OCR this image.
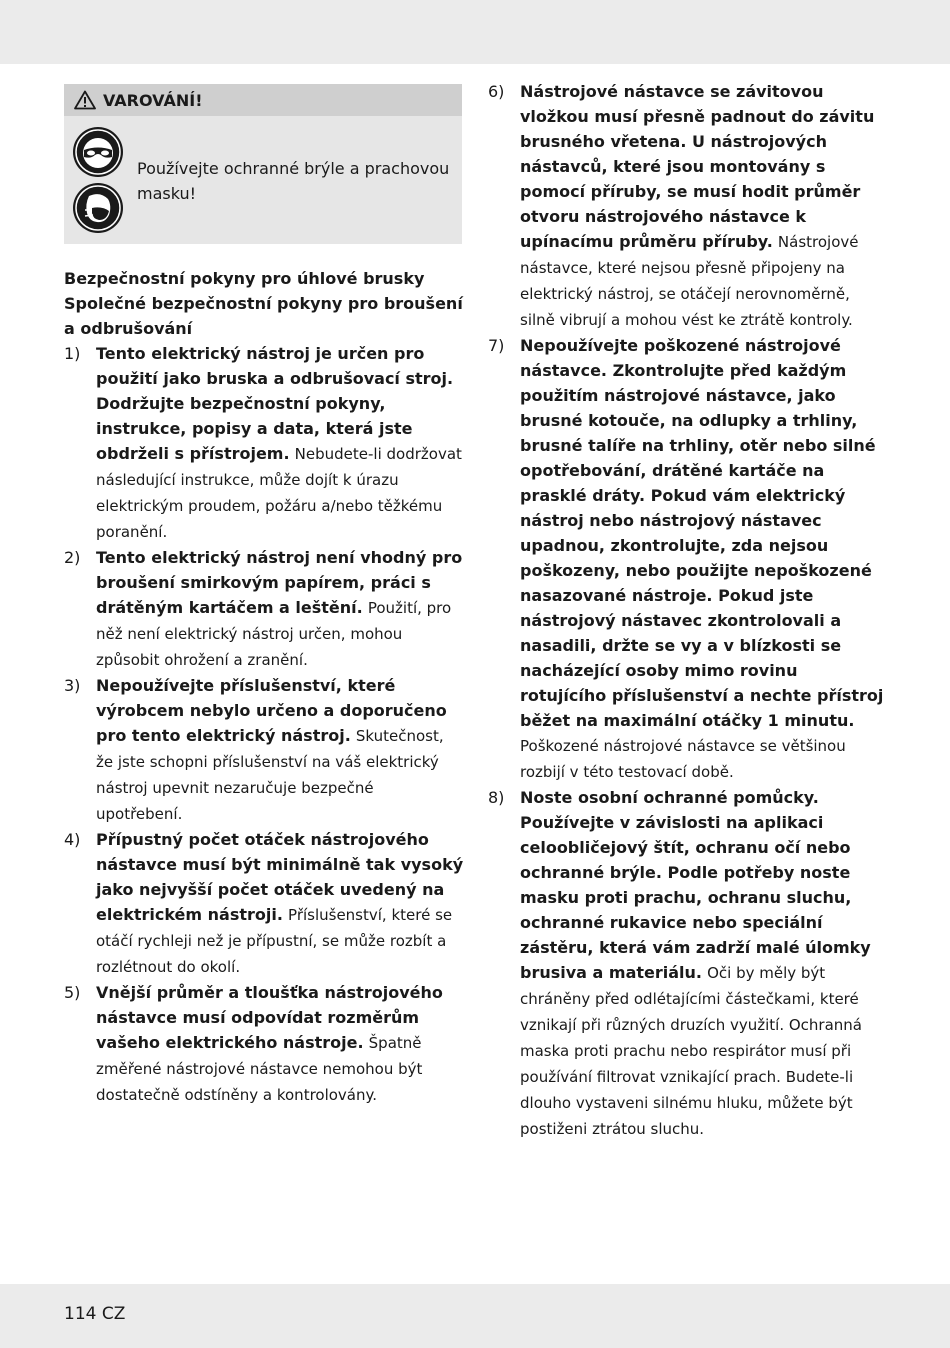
VAROVÁNÍ!
Používejte ochranné brýle a prachovou masku!
Bezpečnostní pokyny pro úhlové brusky
Společné bezpečnostní pokyny pro broušení a odbrušování
1) Tento elektrický nástroj je určen pro použití jako bruska a odbrušovací stroj. Dodržujte bezpečnostní pokyny, instrukce, popisy a data, která jste obdrželi s přístrojem. Nebudete-li dodržovat následující instrukce, může dojít k úrazu elektrickým proudem, požáru a/nebo těžkému poranění.
2) Tento elektrický nástroj není vhodný pro broušení smirkovým papírem, práci s drátěným kartáčem a leštění. Použití, pro něž není elektrický nástroj určen, mohou způsobit ohrožení a zranění.
3) Nepoužívejte příslušenství, které výrobcem nebylo určeno a doporučeno pro tento elektrický nástroj. Skutečnost, že jste schopni příslušenství na váš elektrický nástroj upevnit nezaručuje bezpečné upotřebení.
4) Přípustný počet otáček nástrojového nástavce musí být minimálně tak vysoký jako nejvyšší počet otáček uvedený na elektrickém nástroji. Příslušenství, které se otáčí rychleji než je přípustní, se může rozbít a rozlétnout do okolí.
5) Vnější průměr a tloušťka nástrojového nástavce musí odpovídat rozměrům vašeho elektrického nástroje. Špatně změřené nástrojové nástavce nemohou být dostatečně odstíněny a kontrolovány.
6) Nástrojové nástavce se závitovou vložkou musí přesně padnout do závitu brusného vřetena. U nástrojových nástavců, které jsou montovány s pomocí příruby, se musí hodit průměr otvoru nástrojového nástavce k upínacímu průměru příruby. Nástrojové nástavce, které nejsou přesně připojeny na elektrický nástroj, se otáčejí nerovnoměrně, silně vibrují a mohou vést ke ztrátě kontroly.
7) Nepoužívejte poškozené nástrojové nástavce. Zkontrolujte před každým použitím nástrojové nástavce, jako brusné kotouče, na odlupky a trhliny, brusné talíře na trhliny, otěr nebo silné opotřebování, drátěné kartáče na prasklé dráty. Pokud vám elektrický nástroj nebo nástrojový nástavec upadnou, zkontrolujte, zda nejsou poškozeny, nebo použijte nepoškozené nasazované nástroje. Pokud jste nástrojový nástavec zkontrolovali a nasadili, držte se vy a v blízkosti se nacházející osoby mimo rovinu rotujícího příslušenství a nechte přístroj běžet na maximální otáčky 1 minutu. Poškozené nástrojové nástavce se většinou rozbijí v této testovací době.
8) Noste osobní ochranné pomůcky. Používejte v závislosti na aplikaci celoobličejový štít, ochranu očí nebo ochranné brýle. Podle potřeby noste masku proti prachu, ochranu sluchu, ochranné rukavice nebo speciální zástěru, která vám zadrží malé úlomky brusiva a materiálu. Oči by měly být chráněny před odlétajícími částečkami, které vznikají při různých druzích využití. Ochranná maska proti prachu nebo respirátor musí při používání filtrovat vznikající prach. Budete-li dlouho vystaveni silnému hluku, můžete být postiženi ztrátou sluchu.
114 CZ
